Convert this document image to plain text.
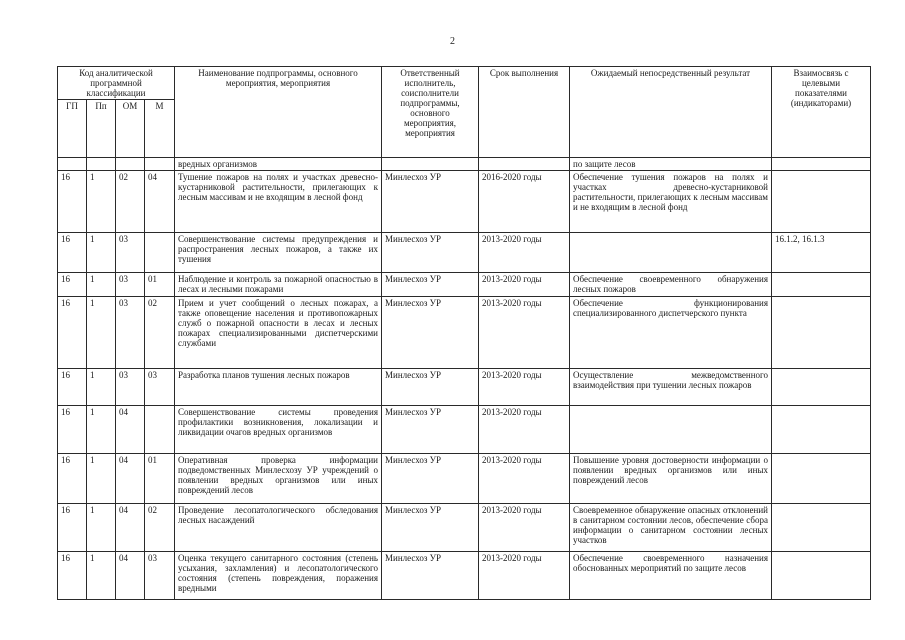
2
Код аналитической программной классификации				Наименование подпрограммы, основного мероприятия, мероприятия	Ответственный исполнитель, соисполнители подпрограммы, основного мероприятия, мероприятия	Срок выполнения	Ожидаемый непосредственный результат	Взаимосвязь с целевыми показателями (индикаторами)
ГП	Пп	ОМ	М					
				вредных организмов			по защите лесов	
16	1	02	04	Тушение пожаров на полях и участках древесно-кустарниковой растительности, прилегающих к лесным массивам и не входящим в лесной фонд	Минлесхоз УР	2016-2020 годы	Обеспечение тушения пожаров на полях и участках древесно-кустарниковой растительности, прилегающих к лесным массивам и не входящим в лесной фонд	
16	1	03		Совершенствование системы предупреждения и распространения лесных пожаров, а также их тушения	Минлесхоз УР	2013-2020 годы		16.1.2, 16.1.3
16	1	03	01	Наблюдение и контроль за пожарной опасностью в лесах и лесными пожарами	Минлесхоз УР	2013-2020 годы	Обеспечение своевременного обнаружения лесных пожаров	
16	1	03	02	Прием и учет сообщений о лесных пожарах, а также оповещение населения и противопожарных служб о пожарной опасности в лесах и лесных пожарах специализированными диспетчерскими службами	Минлесхоз УР	2013-2020 годы	Обеспечение функционирования специализированного диспетчерского пункта	
16	1	03	03	Разработка планов тушения лесных пожаров	Минлесхоз УР	2013-2020 годы	Осуществление межведомственного взаимодействия при тушении лесных пожаров	
16	1	04		Совершенствование системы проведения профилактики возникновения, локализации и ликвидации очагов вредных организмов	Минлесхоз УР	2013-2020 годы		
16	1	04	01	Оперативная проверка информации подведомственных Минлесхозу УР учреждений о появлении вредных организмов или иных повреждений лесов	Минлесхоз УР	2013-2020 годы	Повышение уровня достоверности информации о появлении вредных организмов или иных повреждений лесов	
16	1	04	02	Проведение лесопатологического обследования лесных насаждений	Минлесхоз УР	2013-2020 годы	Своевременное обнаружение опасных отклонений в санитарном состоянии лесов, обеспечение сбора информации о санитарном состоянии лесных участков	
16	1	04	03	Оценка текущего санитарного состояния (степень усыхания, захламления) и лесопатологического состояния (степень повреждения, поражения вредными	Минлесхоз УР	2013-2020 годы	Обеспечение своевременного назначения обоснованных мероприятий по защите лесов	
